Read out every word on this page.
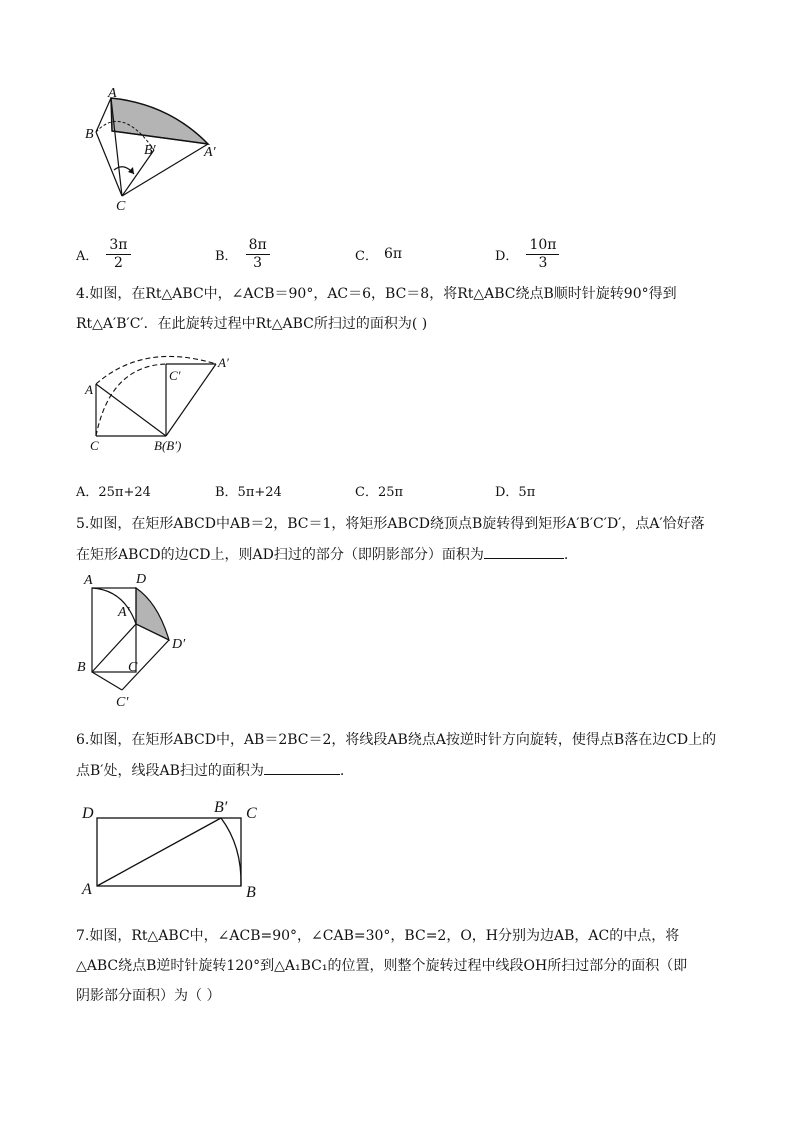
A
B
B′	A′
C
A． $\frac{3\pi}{2}$	B． $\frac{8\pi}{3}$	C． 6π	D． $\frac{10\pi}{3}$
4.如图，在Rt△ABC中，∠ACB＝90°，AC＝6，BC＝8，将Rt△ABC绕点B顺时针旋转90°得到
Rt△A′B′C′．在此旋转过程中Rt△ABC所扫过的面积为( )
A
C′
A′
C	B(B′)
A．25π+24	B．5π+24	C．25π	D．5π
5.如图，在矩形ABCD中AB＝2，BC＝1，将矩形ABCD绕顶点B旋转得到矩形A′B′C′D′，点A′恰好落
在矩形ABCD的边CD上，则AD扫过的部分（即阴影部分）面积为	.
A	D
A′
D′
B	C
C′
6.如图，在矩形ABCD中，AB＝2BC＝2，将线段AB绕点A按逆时针方向旋转，使得点B落在边CD上的
点B′处，线段AB扫过的面积为	.
D	B′ C
A	B
7.如图，Rt△ABC中，∠ACB=90°，∠CAB=30°，BC=2，O，H分别为边AB，AC的中点，将
△ABC绕点B逆时针旋转120°到△A₁BC₁的位置，则整个旋转过程中线段OH所扫过部分的面积（即
阴影部分面积）为（ ）
